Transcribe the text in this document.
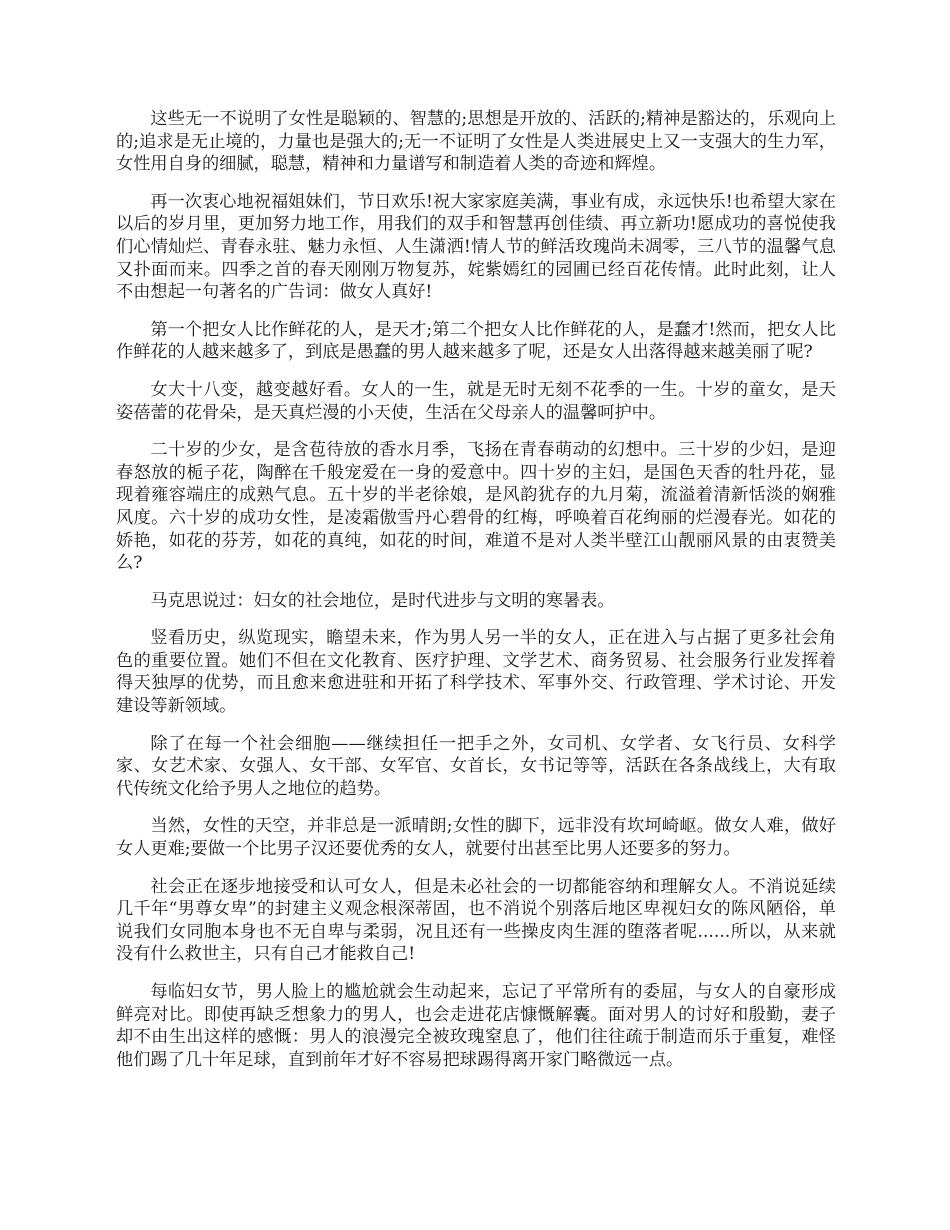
这些无一不说明了女性是聪颖的、智慧的;思想是开放的、活跃的;精神是豁达的，乐观向上的;追求是无止境的，力量也是强大的;无一不证明了女性是人类进展史上又一支强大的生力军，女性用自身的细腻，聪慧，精神和力量谱写和制造着人类的奇迹和辉煌。

再一次衷心地祝福姐妹们，节日欢乐!祝大家家庭美满，事业有成，永远快乐!也希望大家在以后的岁月里，更加努力地工作，用我们的双手和智慧再创佳绩、再立新功!愿成功的喜悦使我们心情灿烂、青春永驻、魅力永恒、人生潇洒!情人节的鲜活玫瑰尚未凋零，三八节的温馨气息又扑面而来。四季之首的春天刚刚万物复苏，姹紫嫣红的园圃已经百花传情。此时此刻，让人不由想起一句著名的广告词：做女人真好!

第一个把女人比作鲜花的人，是天才;第二个把女人比作鲜花的人，是蠢才!然而，把女人比作鲜花的人越来越多了，到底是愚蠢的男人越来越多了呢，还是女人出落得越来越美丽了呢?

女大十八变，越变越好看。女人的一生，就是无时无刻不花季的一生。十岁的童女，是天姿蓓蕾的花骨朵，是天真烂漫的小天使，生活在父母亲人的温馨呵护中。

二十岁的少女，是含苞待放的香水月季，飞扬在青春萌动的幻想中。三十岁的少妇，是迎春怒放的栀子花，陶醉在千般宠爱在一身的爱意中。四十岁的主妇，是国色天香的牡丹花，显现着雍容端庄的成熟气息。五十岁的半老徐娘，是风韵犹存的九月菊，流溢着清新恬淡的娴雅风度。六十岁的成功女性，是凌霜傲雪丹心碧骨的红梅，呼唤着百花绚丽的烂漫春光。如花的娇艳，如花的芬芳，如花的真纯，如花的时间，难道不是对人类半壁江山靓丽风景的由衷赞美么?

马克思说过：妇女的社会地位，是时代进步与文明的寒暑表。

竖看历史，纵览现实，瞻望未来，作为男人另一半的女人，正在进入与占据了更多社会角色的重要位置。她们不但在文化教育、医疗护理、文学艺术、商务贸易、社会服务行业发挥着得天独厚的优势，而且愈来愈进驻和开拓了科学技术、军事外交、行政管理、学术讨论、开发建设等新领域。

除了在每一个社会细胞——继续担任一把手之外，女司机、女学者、女飞行员、女科学家、女艺术家、女强人、女干部、女军官、女首长，女书记等等，活跃在各条战线上，大有取代传统文化给予男人之地位的趋势。

当然，女性的天空，并非总是一派晴朗;女性的脚下，远非没有坎坷崎岖。做女人难，做好女人更难;要做一个比男子汉还要优秀的女人，就要付出甚至比男人还要多的努力。

社会正在逐步地接受和认可女人，但是未必社会的一切都能容纳和理解女人。不消说延续几千年“男尊女卑”的封建主义观念根深蒂固，也不消说个别落后地区卑视妇女的陈风陋俗，单说我们女同胞本身也不无自卑与柔弱，况且还有一些操皮肉生涯的堕落者呢......所以，从来就没有什么救世主，只有自己才能救自己!

每临妇女节，男人脸上的尴尬就会生动起来，忘记了平常所有的委屈，与女人的自豪形成鲜亮对比。即使再缺乏想象力的男人，也会走进花店慷慨解囊。面对男人的讨好和殷勤，妻子却不由生出这样的感慨：男人的浪漫完全被玫瑰窒息了，他们往往疏于制造而乐于重复，难怪他们踢了几十年足球，直到前年才好不容易把球踢得离开家门略微远一点。
